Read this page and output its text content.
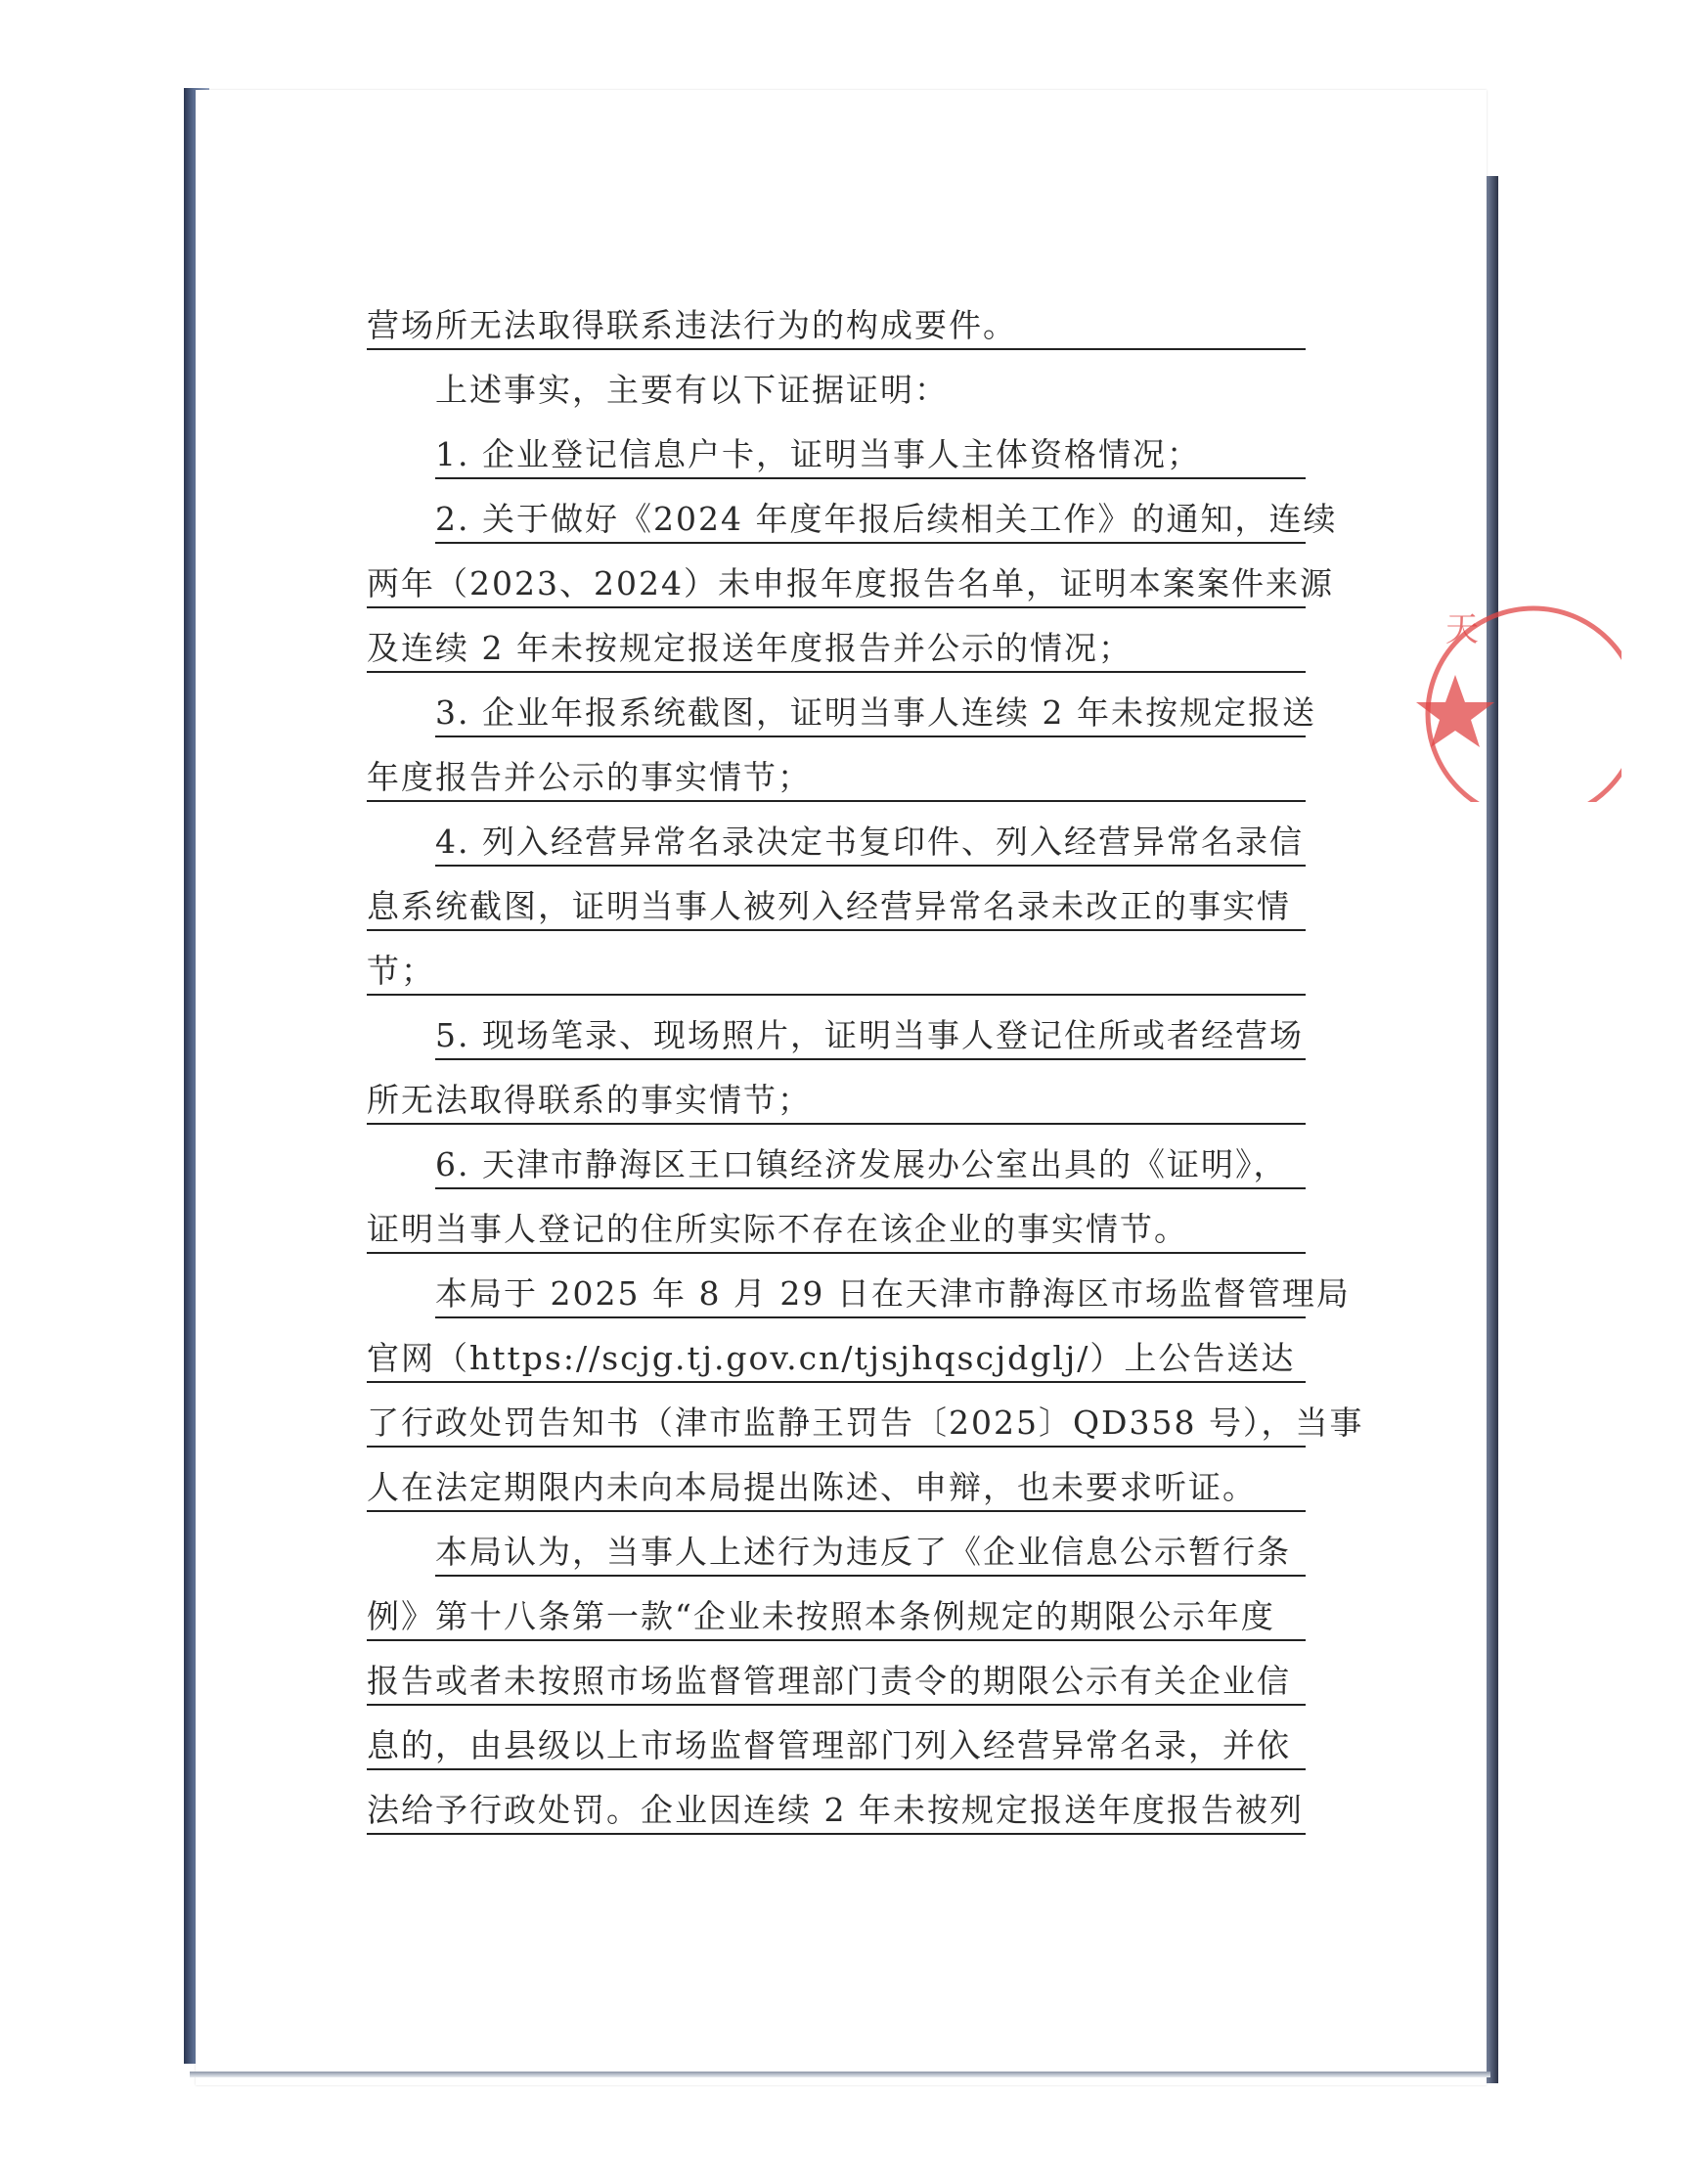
天
营场所无法取得联系违法行为的构成要件。
上述事实，主要有以下证据证明：
1. 企业登记信息户卡，证明当事人主体资格情况；
2. 关于做好《2024 年度年报后续相关工作》的通知，连续
两年（2023、2024）未申报年度报告名单，证明本案案件来源
及连续 2 年未按规定报送年度报告并公示的情况；
3. 企业年报系统截图，证明当事人连续 2 年未按规定报送
年度报告并公示的事实情节；
4. 列入经营异常名录决定书复印件、列入经营异常名录信
息系统截图，证明当事人被列入经营异常名录未改正的事实情
节；
5. 现场笔录、现场照片，证明当事人登记住所或者经营场
所无法取得联系的事实情节；
6. 天津市静海区王口镇经济发展办公室出具的《证明》，
证明当事人登记的住所实际不存在该企业的事实情节。
本局于 2025 年 8 月 29 日在天津市静海区市场监督管理局
官网（https://scjg.tj.gov.cn/tjsjhqscjdglj/）上公告送达
了行政处罚告知书（津市监静王罚告〔2025〕QD358 号），当事
人在法定期限内未向本局提出陈述、申辩，也未要求听证。
本局认为，当事人上述行为违反了《企业信息公示暂行条
例》第十八条第一款“企业未按照本条例规定的期限公示年度
报告或者未按照市场监督管理部门责令的期限公示有关企业信
息的，由县级以上市场监督管理部门列入经营异常名录，并依
法给予行政处罚。企业因连续 2 年未按规定报送年度报告被列
